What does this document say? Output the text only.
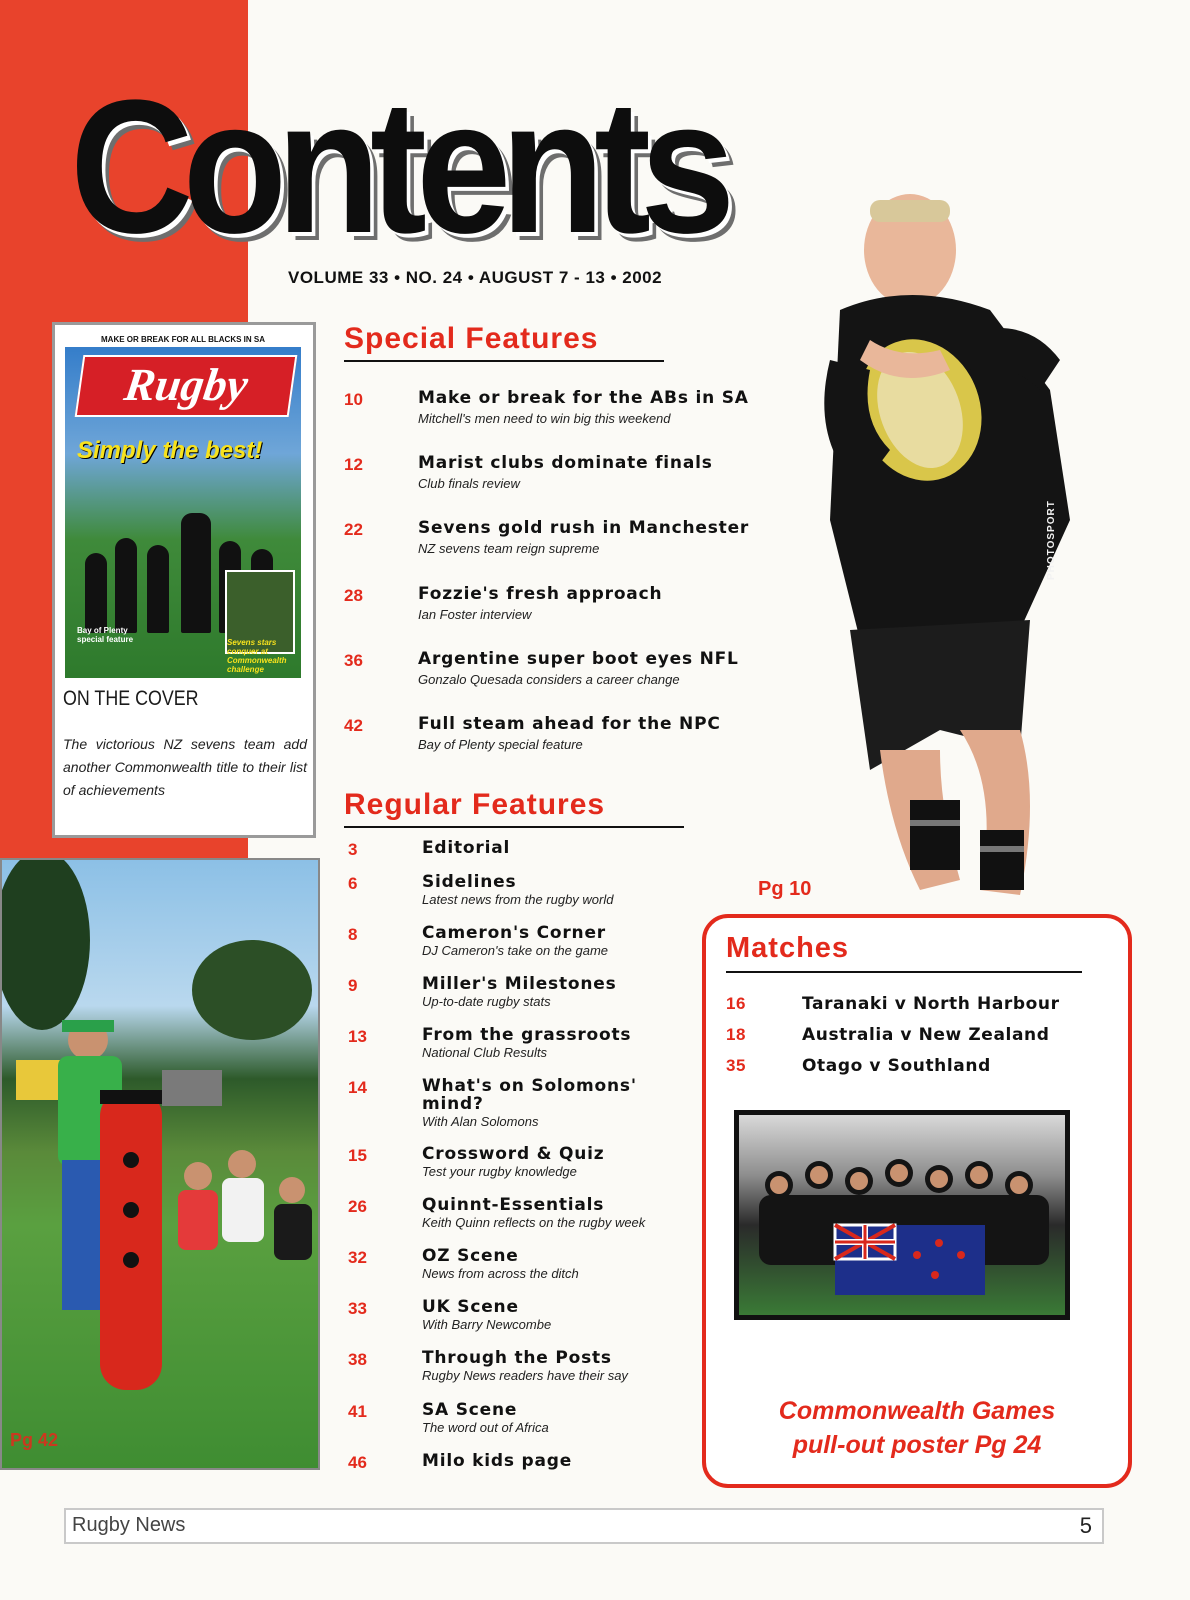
Contents
VOLUME 33 • NO. 24 • AUGUST 7 - 13 • 2002
MAKE OR BREAK FOR ALL BLACKS IN SA
Rugby
Simply the best!
Bay of Plenty special feature	Sevens stars conquer at Commonwealth challenge
ON THE COVER
The victorious NZ sevens team add another Commonwealth title to their list of achievements
Special Features
10	Make or break for the ABs in SA
Mitchell's men need to win big this weekend
12	Marist clubs dominate finals
Club finals review
22	Sevens gold rush in Manchester
NZ sevens team reign supreme
28	Fozzie's fresh approach
Ian Foster interview
36	Argentine super boot eyes NFL
Gonzalo Quesada considers a career change
42	Full steam ahead for the NPC
Bay of Plenty special feature
Regular Features
3	Editorial
6	Sidelines
Latest news from the rugby world
8	Cameron's Corner
DJ Cameron's take on the game
9	Miller's Milestones
Up-to-date rugby stats
13	From the grassroots
National Club Results
14	What's on Solomons'
mind?
With Alan Solomons
15	Crossword & Quiz
Test your rugby knowledge
26	Quinnt-Essentials
Keith Quinn reflects on the rugby week
32	OZ Scene
News from across the ditch
33	UK Scene
With Barry Newcombe
38	Through the Posts
Rugby News readers have their say
41	SA Scene
The word out of Africa
46	Milo kids page
PHOTOSPORT
Pg 10
Pg 42
Matches
16	Taranaki v North Harbour
18	Australia v New Zealand
35	Otago v Southland
Commonwealth Games
pull-out poster Pg 24
Rugby News	5
